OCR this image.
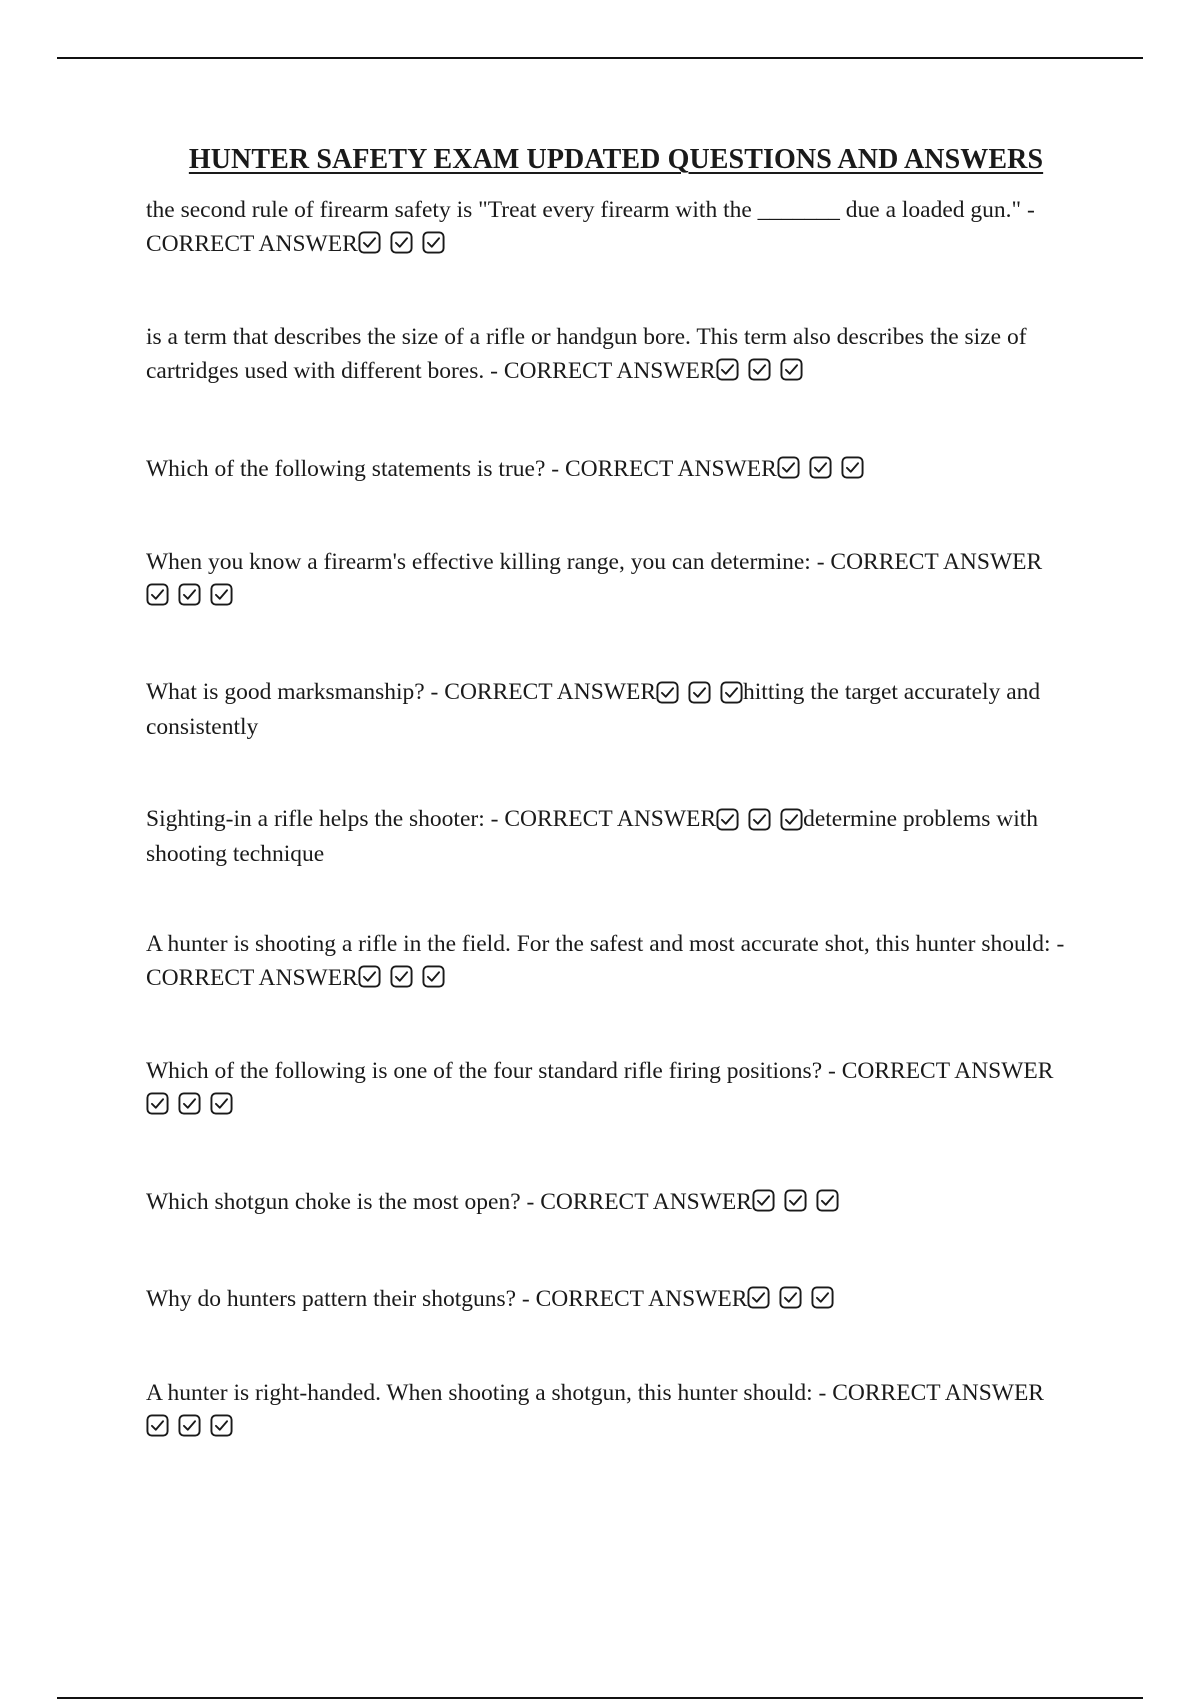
HUNTER SAFETY EXAM UPDATED QUESTIONS AND ANSWERS
the second rule of firearm safety is "Treat every firearm with the _______ due a loaded gun." - CORRECT ANSWER
is a term that describes the size of a rifle or handgun bore. This term also describes the size of cartridges used with different bores. - CORRECT ANSWER
Which of the following statements is true? - CORRECT ANSWER
When you know a firearm's effective killing range, you can determine: - CORRECT ANSWER
What is good marksmanship? - CORRECT ANSWER	hitting the target accurately and consistently
Sighting-in a rifle helps the shooter: - CORRECT ANSWER	determine problems with shooting technique
A hunter is shooting a rifle in the field. For the safest and most accurate shot, this hunter should: - CORRECT ANSWER
Which of the following is one of the four standard rifle firing positions? - CORRECT ANSWER
Which shotgun choke is the most open? - CORRECT ANSWER
Why do hunters pattern their shotguns? - CORRECT ANSWER
A hunter is right-handed. When shooting a shotgun, this hunter should: - CORRECT ANSWER
